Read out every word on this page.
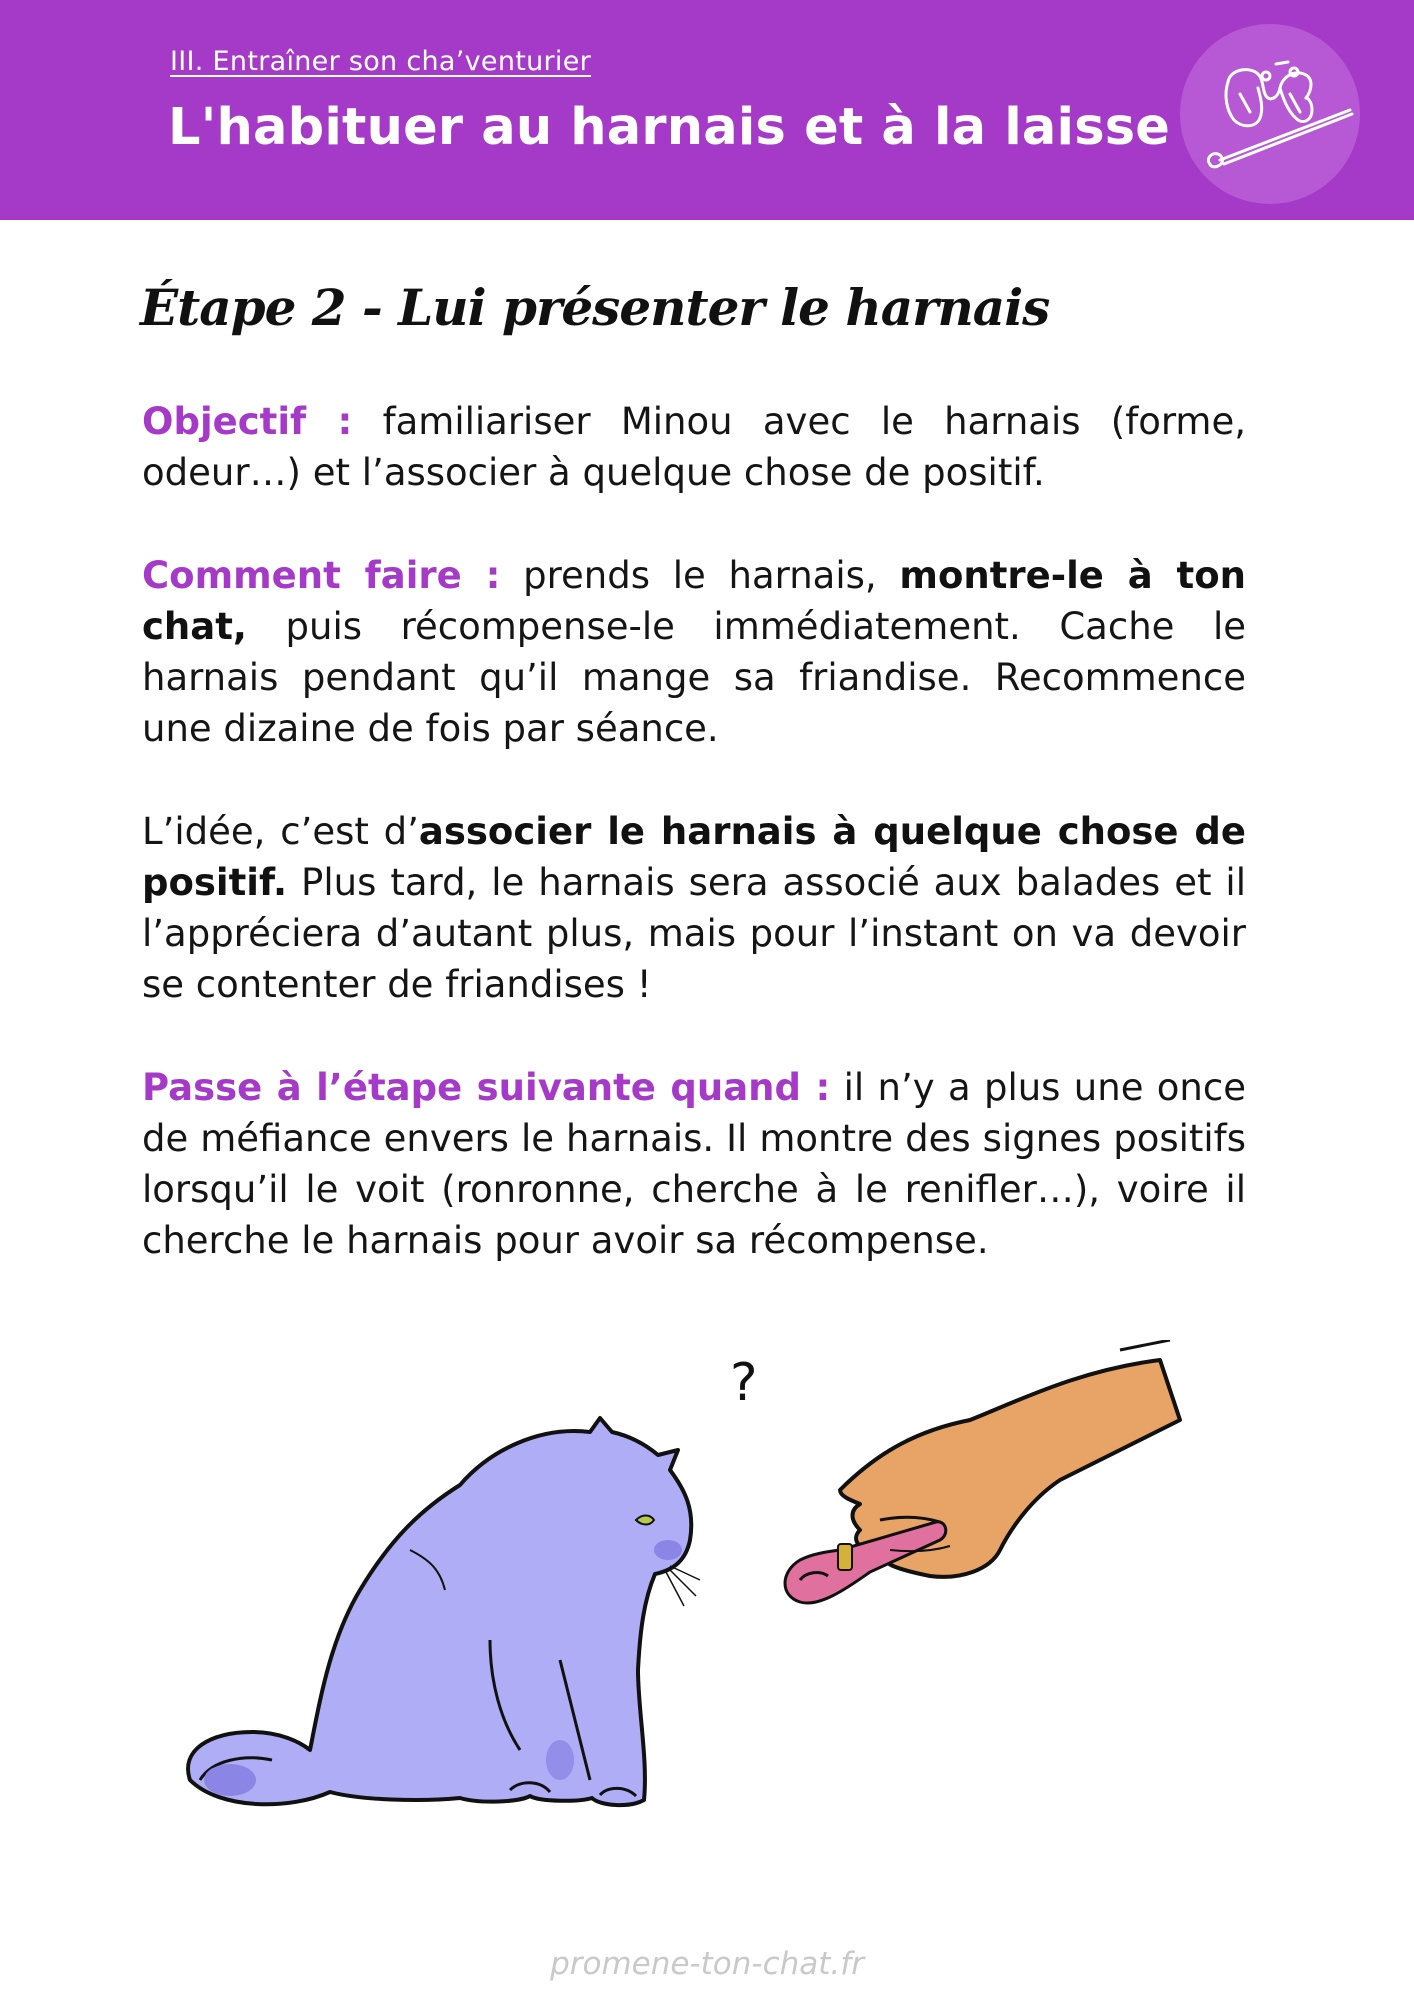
III. Entraîner son cha’venturier
L'habituer au harnais et à la laisse
Étape 2 - Lui présenter le harnais

Objectif : familiariser Minou avec le harnais (forme, odeur…) et l’associer à quelque chose de positif.

Comment faire : prends le harnais, montre-le à ton chat, puis récompense-le immédiatement. Cache le harnais pendant qu’il mange sa friandise. Recommence une dizaine de fois par séance.

L’idée, c’est d’associer le harnais à quelque chose de positif. Plus tard, le harnais sera associé aux balades et il l’appréciera d’autant plus, mais pour l’instant on va devoir se contenter de friandises !

Passe à l’étape suivante quand : il n’y a plus une once de méfiance envers le harnais. Il montre des signes positifs lorsqu’il le voit (ronronne, cherche à le renifler…), voire il cherche le harnais pour avoir sa récompense.

?
promene-ton-chat.fr
